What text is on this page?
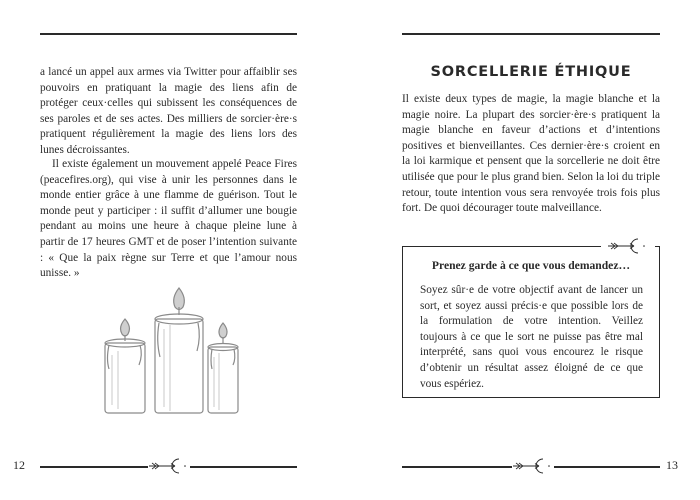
a lancé un appel aux armes via Twitter pour affaiblir ses pouvoirs en pratiquant la magie des liens afin de protéger ceux·celles qui subissent les conséquences de ses paroles et de ses actes. Des milliers de sorcier·ère·s pratiquent régulièrement la magie des liens lors des lunes décroissantes.

Il existe également un mouvement appelé Peace Fires (peacefires.org), qui vise à unir les personnes dans le monde entier grâce à une flamme de guérison. Tout le monde peut y participer : il suffit d’allumer une bougie pendant au moins une heure à chaque pleine lune à partir de 17 heures GMT et de poser l’intention suivante : « Que la paix règne sur Terre et que l’amour nous unisse. »

12

SORCELLERIE ÉTHIQUE

Il existe deux types de magie, la magie blanche et la magie noire. La plupart des sorcier·ère·s pratiquent la magie blanche en faveur d’actions et d’intentions positives et bienveillantes. Ces dernier·ère·s croient en la loi karmique et pensent que la sorcellerie ne doit être utilisée que pour le plus grand bien. Selon la loi du triple retour, toute intention vous sera renvoyée trois fois plus fort. De quoi décourager toute malveillance.

Prenez garde à ce que vous demandez…

Soyez sûr·e de votre objectif avant de lancer un sort, et soyez aussi précis·e que possible lors de la formulation de votre intention. Veillez toujours à ce que le sort ne puisse pas être mal interprété, sans quoi vous encourez le risque d’obtenir un résultat assez éloigné de ce que vous espériez.

13
